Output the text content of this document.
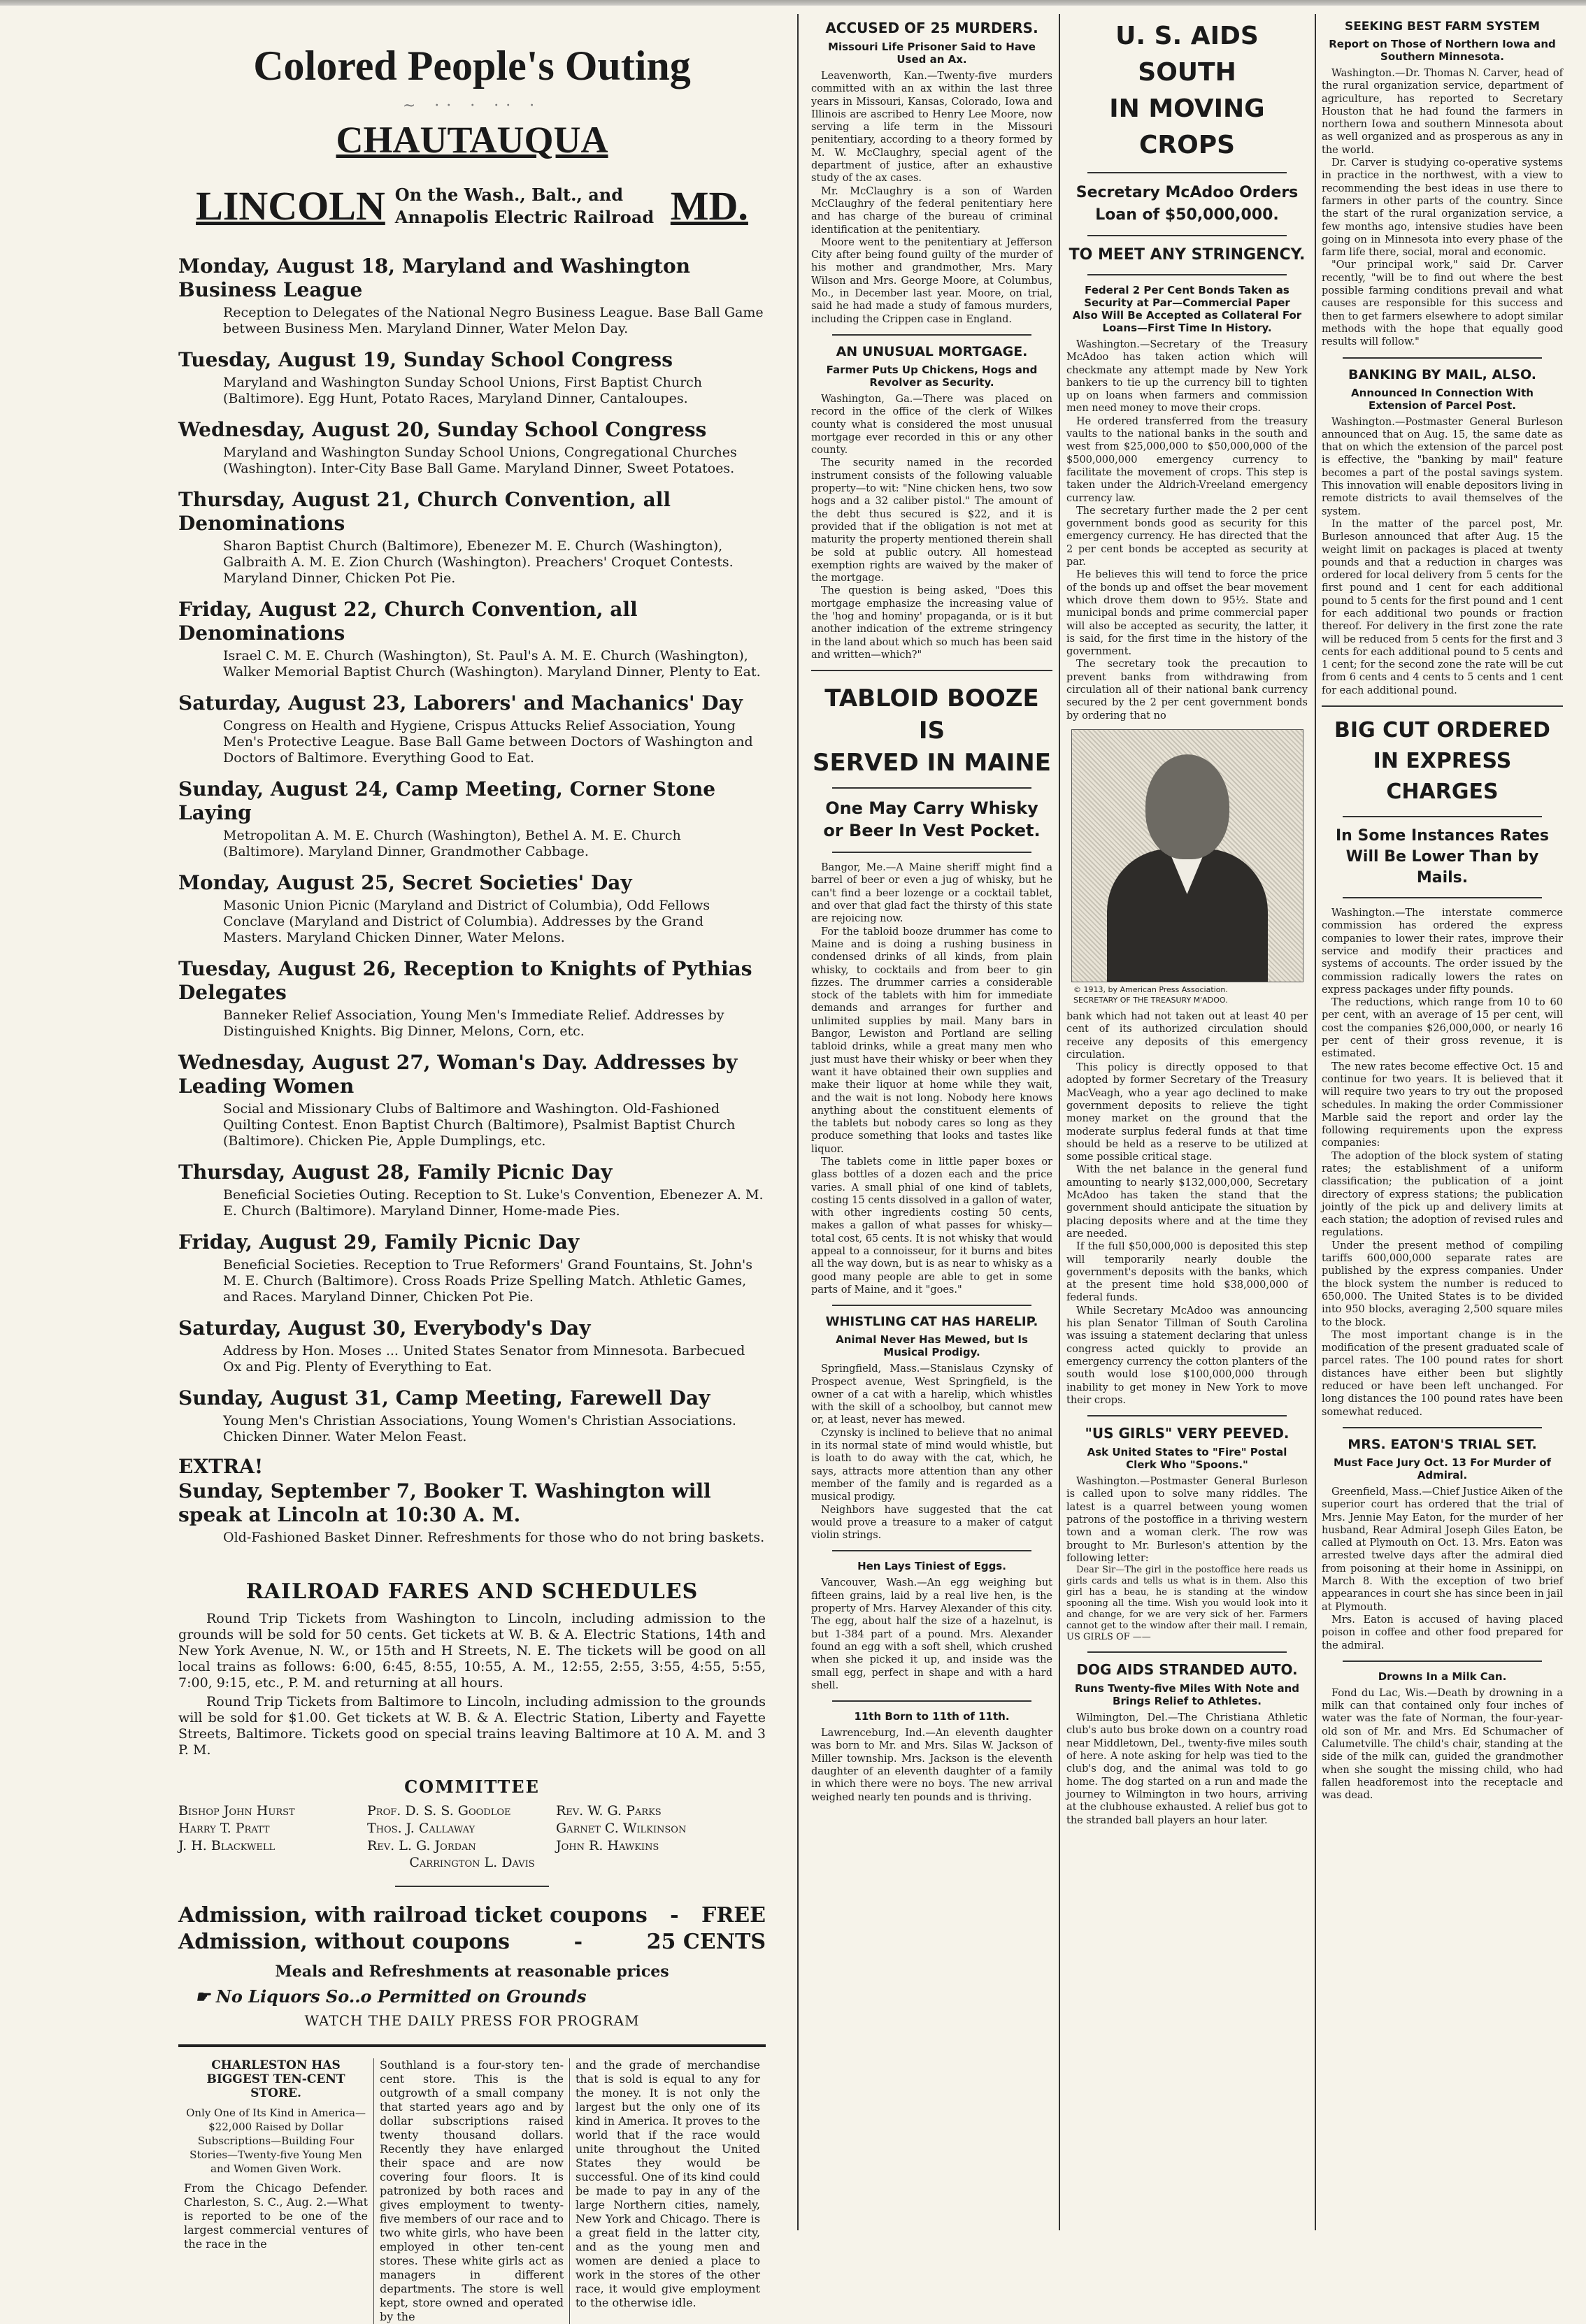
Colored People's Outing
~ ·· · ·· ·
CHAUTAUQUA
LINCOLN On the Wash., Balt., and Annapolis Electric Railroad MD.
Monday, August 18, Maryland and Washington Business League
Reception to Delegates of the National Negro Business League. Base Ball Game between Business Men. Maryland Dinner, Water Melon Day.
Tuesday, August 19, Sunday School Congress
Maryland and Washington Sunday School Unions, First Baptist Church (Baltimore). Egg Hunt, Potato Races, Maryland Dinner, Cantaloupes.
Wednesday, August 20, Sunday School Congress
Maryland and Washington Sunday School Unions, Congregational Churches (Washington). Inter-City Base Ball Game. Maryland Dinner, Sweet Potatoes.
Thursday, August 21, Church Convention, all Denominations
Sharon Baptist Church (Baltimore), Ebenezer M. E. Church (Washington), Galbraith A. M. E. Zion Church (Washington). Preachers' Croquet Contests. Maryland Dinner, Chicken Pot Pie.
Friday, August 22, Church Convention, all Denominations
Israel C. M. E. Church (Washington), St. Paul's A. M. E. Church (Washington), Walker Memorial Baptist Church (Washington). Maryland Dinner, Plenty to Eat.
Saturday, August 23, Laborers' and Machanics' Day
Congress on Health and Hygiene, Crispus Attucks Relief Association, Young Men's Protective League. Base Ball Game between Doctors of Washington and Doctors of Baltimore. Everything Good to Eat.
Sunday, August 24, Camp Meeting, Corner Stone Laying
Metropolitan A. M. E. Church (Washington), Bethel A. M. E. Church (Baltimore). Maryland Dinner, Grandmother Cabbage.
Monday, August 25, Secret Societies' Day
Masonic Union Picnic (Maryland and District of Columbia), Odd Fellows Conclave (Maryland and District of Columbia). Addresses by the Grand Masters. Maryland Chicken Dinner, Water Melons.
Tuesday, August 26, Reception to Knights of Pythias Delegates
Banneker Relief Association, Young Men's Immediate Relief. Addresses by Distinguished Knights. Big Dinner, Melons, Corn, etc.
Wednesday, August 27, Woman's Day. Addresses by Leading Women
Social and Missionary Clubs of Baltimore and Washington. Old-Fashioned Quilting Contest. Enon Baptist Church (Baltimore), Psalmist Baptist Church (Baltimore). Chicken Pie, Apple Dumplings, etc.
Thursday, August 28, Family Picnic Day
Beneficial Societies Outing. Reception to St. Luke's Convention, Ebenezer A. M. E. Church (Baltimore). Maryland Dinner, Home-made Pies.
Friday, August 29, Family Picnic Day
Beneficial Societies. Reception to True Reformers' Grand Fountains, St. John's M. E. Church (Baltimore). Cross Roads Prize Spelling Match. Athletic Games, and Races. Maryland Dinner, Chicken Pot Pie.
Saturday, August 30, Everybody's Day
Address by Hon. Moses ... United States Senator from Minnesota. Barbecued Ox and Pig. Plenty of Everything to Eat.
Sunday, August 31, Camp Meeting, Farewell Day
Young Men's Christian Associations, Young Women's Christian Associations. Chicken Dinner. Water Melon Feast.
EXTRA!
Sunday, September 7, Booker T. Washington will speak at Lincoln at 10:30 A. M.
Old-Fashioned Basket Dinner. Refreshments for those who do not bring baskets.
RAILROAD FARES AND SCHEDULES

Round Trip Tickets from Washington to Lincoln, including admission to the grounds will be sold for 50 cents. Get tickets at W. B. & A. Electric Stations, 14th and New York Avenue, N. W., or 15th and H Streets, N. E. The tickets will be good on all local trains as follows: 6:00, 6:45, 8:55, 10:55, A. M., 12:55, 2:55, 3:55, 4:55, 5:55, 7:00, 9:15, etc., P. M. and returning at all hours.

Round Trip Tickets from Baltimore to Lincoln, including admission to the grounds will be sold for $1.00. Get tickets at W. B. & A. Electric Station, Liberty and Fayette Streets, Baltimore. Tickets good on special trains leaving Baltimore at 10 A. M. and 3 P. M.

COMMITTEE
Bishop John Hurst	Prof. D. S. S. Goodloe	Rev. W. G. Parks
Harry T. Pratt	Thos. J. Callaway	Garnet C. Wilkinson
J. H. Blackwell	Rev. L. G. Jordan	John R. Hawkins
Carrington L. Davis
Admission, with railroad ticket coupons	-	FREE
Admission, without coupons	-	25 CENTS
Meals and Refreshments at reasonable prices
☛ No Liquors So..o Permitted on Grounds
WATCH THE DAILY PRESS FOR PROGRAM
CHARLESTON HAS BIGGEST TEN-CENT STORE.
Only One of Its Kind in America—$22,000 Raised by Dollar Subscriptions—Building Four Stories—Twenty-five Young Men and Women Given Work.
From the Chicago Defender. Charleston, S. C., Aug. 2.—What is reported to be one of the largest commercial ventures of the race in the
Southland is a four-story ten-cent store. This is the outgrowth of a small company that started years ago and by dollar subscriptions raised twenty thousand dollars. Recently they have enlarged their space and are now covering four floors. It is patronized by both races and gives employment to twenty-five members of our race and to two white girls, who have been employed in other ten-cent stores. These white girls act as managers in different departments. The store is well kept, store owned and operated by the
and the grade of merchandise that is sold is equal to any for the money. It is not only the largest but the only one of its kind in America. It proves to the world that if the race would unite throughout the United States they would be successful. One of its kind could be made to pay in any of the large Northern cities, namely, New York and Chicago. There is a great field in the latter city, and as the young men and women are denied a place to work in the stores of the other race, it would give employment to the otherwise idle.
ACCUSED OF 25 MURDERS.
Missouri Life Prisoner Said to Have Used an Ax.

Leavenworth, Kan.—Twenty-five murders committed with an ax within the last three years in Missouri, Kansas, Colorado, Iowa and Illinois are ascribed to Henry Lee Moore, now serving a life term in the Missouri penitentiary, according to a theory formed by M. W. McClaughry, special agent of the department of justice, after an exhaustive study of the ax cases.

Mr. McClaughry is a son of Warden McClaughry of the federal penitentiary here and has charge of the bureau of criminal identification at the penitentiary.

Moore went to the penitentiary at Jefferson City after being found guilty of the murder of his mother and grandmother, Mrs. Mary Wilson and Mrs. George Moore, at Columbus, Mo., in December last year. Moore, on trial, said he had made a study of famous murders, including the Crippen case in England.

AN UNUSUAL MORTGAGE.
Farmer Puts Up Chickens, Hogs and Revolver as Security.

Washington, Ga.—There was placed on record in the office of the clerk of Wilkes county what is considered the most unusual mortgage ever recorded in this or any other county.

The security named in the recorded instrument consists of the following valuable property—to wit: "Nine chicken hens, two sow hogs and a 32 caliber pistol." The amount of the debt thus secured is $22, and it is provided that if the obligation is not met at maturity the property mentioned therein shall be sold at public outcry. All homestead exemption rights are waived by the maker of the mortgage.

The question is being asked, "Does this mortgage emphasize the increasing value of the 'hog and hominy' propaganda, or is it but another indication of the extreme stringency in the land about which so much has been said and written—which?"

TABLOID BOOZE IS
SERVED IN MAINE
One May Carry Whisky or Beer In Vest Pocket.

Bangor, Me.—A Maine sheriff might find a barrel of beer or even a jug of whisky, but he can't find a beer lozenge or a cocktail tablet, and over that glad fact the thirsty of this state are rejoicing now.

For the tabloid booze drummer has come to Maine and is doing a rushing business in condensed drinks of all kinds, from plain whisky, to cocktails and from beer to gin fizzes. The drummer carries a considerable stock of the tablets with him for immediate demands and arranges for further and unlimited supplies by mail. Many bars in Bangor, Lewiston and Portland are selling tabloid drinks, while a great many men who just must have their whisky or beer when they want it have obtained their own supplies and make their liquor at home while they wait, and the wait is not long. Nobody here knows anything about the constituent elements of the tablets but nobody cares so long as they produce something that looks and tastes like liquor.

The tablets come in little paper boxes or glass bottles of a dozen each and the price varies. A small phial of one kind of tablets, costing 15 cents dissolved in a gallon of water, with other ingredients costing 50 cents, makes a gallon of what passes for whisky—total cost, 65 cents. It is not whisky that would appeal to a connoisseur, for it burns and bites all the way down, but is as near to whisky as a good many people are able to get in some parts of Maine, and it "goes."

WHISTLING CAT HAS HARELIP.
Animal Never Has Mewed, but Is Musical Prodigy.

Springfield, Mass.—Stanislaus Czynsky of Prospect avenue, West Springfield, is the owner of a cat with a harelip, which whistles with the skill of a schoolboy, but cannot mew or, at least, never has mewed.

Czynsky is inclined to believe that no animal in its normal state of mind would whistle, but is loath to do away with the cat, which, he says, attracts more attention than any other member of the family and is regarded as a musical prodigy.

Neighbors have suggested that the cat would prove a treasure to a maker of catgut violin strings.

Hen Lays Tiniest of Eggs.

Vancouver, Wash.—An egg weighing but fifteen grains, laid by a real live hen, is the property of Mrs. Harvey Alexander of this city. The egg, about half the size of a hazelnut, is but 1-384 part of a pound. Mrs. Alexander found an egg with a soft shell, which crushed when she picked it up, and inside was the small egg, perfect in shape and with a hard shell.

11th Born to 11th of 11th.

Lawrenceburg, Ind.—An eleventh daughter was born to Mr. and Mrs. Silas W. Jackson of Miller township. Mrs. Jackson is the eleventh daughter of an eleventh daughter of a family in which there were no boys. The new arrival weighed nearly ten pounds and is thriving.

U. S. AIDS SOUTH
IN MOVING CROPS
Secretary McAdoo Orders Loan of $50,000,000.
TO MEET ANY STRINGENCY.
Federal 2 Per Cent Bonds Taken as Security at Par—Commercial Paper Also Will Be Accepted as Collateral For Loans—First Time In History.

Washington.—Secretary of the Treasury McAdoo has taken action which will checkmate any attempt made by New York bankers to tie up the currency bill to tighten up on loans when farmers and commission men need money to move their crops.

He ordered transferred from the treasury vaults to the national banks in the south and west from $25,000,000 to $50,000,000 of the $500,000,000 emergency currency to facilitate the movement of crops. This step is taken under the Aldrich-Vreeland emergency currency law.

The secretary further made the 2 per cent government bonds good as security for this emergency currency. He has directed that the 2 per cent bonds be accepted as security at par.

He believes this will tend to force the price of the bonds up and offset the bear movement which drove them down to 95½. State and municipal bonds and prime commercial paper will also be accepted as security, the latter, it is said, for the first time in the history of the government.

The secretary took the precaution to prevent banks from withdrawing from circulation all of their national bank currency secured by the 2 per cent government bonds by ordering that no

© 1913, by American Press Association.
SECRETARY OF THE TREASURY M'ADOO.

bank which had not taken out at least 40 per cent of its authorized circulation should receive any deposits of this emergency circulation.

This policy is directly opposed to that adopted by former Secretary of the Treasury MacVeagh, who a year ago declined to make government deposits to relieve the tight money market on the ground that the moderate surplus federal funds at that time should be held as a reserve to be utilized at some possible critical stage.

With the net balance in the general fund amounting to nearly $132,000,000, Secretary McAdoo has taken the stand that the government should anticipate the situation by placing deposits where and at the time they are needed.

If the full $50,000,000 is deposited this step will temporarily nearly double the government's deposits with the banks, which at the present time hold $38,000,000 of federal funds.

While Secretary McAdoo was announcing his plan Senator Tillman of South Carolina was issuing a statement declaring that unless congress acted quickly to provide an emergency currency the cotton planters of the south would lose $100,000,000 through inability to get money in New York to move their crops.

"US GIRLS" VERY PEEVED.
Ask United States to "Fire" Postal Clerk Who "Spoons."

Washington.—Postmaster General Burleson is called upon to solve many riddles. The latest is a quarrel between young women patrons of the postoffice in a thriving western town and a woman clerk. The row was brought to Mr. Burleson's attention by the following letter:

Dear Sir—The girl in the postoffice here reads us girls cards and tells us what is in them. Also this girl has a beau, he is standing at the window spooning all the time. Wish you would look into it and change, for we are very sick of her. Farmers cannot get to the window after their mail. I remain, US GIRLS OF ——

DOG AIDS STRANDED AUTO.
Runs Twenty-five Miles With Note and Brings Relief to Athletes.

Wilmington, Del.—The Christiana Athletic club's auto bus broke down on a country road near Middletown, Del., twenty-five miles south of here. A note asking for help was tied to the club's dog, and the animal was told to go home. The dog started on a run and made the journey to Wilmington in two hours, arriving at the clubhouse exhausted. A relief bus got to the stranded ball players an hour later.

SEEKING BEST FARM SYSTEM
Report on Those of Northern Iowa and Southern Minnesota.

Washington.—Dr. Thomas N. Carver, head of the rural organization service, department of agriculture, has reported to Secretary Houston that he had found the farmers in northern Iowa and southern Minnesota about as well organized and as prosperous as any in the world.

Dr. Carver is studying co-operative systems in practice in the northwest, with a view to recommending the best ideas in use there to farmers in other parts of the country. Since the start of the rural organization service, a few months ago, intensive studies have been going on in Minnesota into every phase of the farm life there, social, moral and economic.

"Our principal work," said Dr. Carver recently, "will be to find out where the best possible farming conditions prevail and what causes are responsible for this success and then to get farmers elsewhere to adopt similar methods with the hope that equally good results will follow."

BANKING BY MAIL, ALSO.
Announced In Connection With Extension of Parcel Post.

Washington.—Postmaster General Burleson announced that on Aug. 15, the same date as that on which the extension of the parcel post is effective, the "banking by mail" feature becomes a part of the postal savings system. This innovation will enable depositors living in remote districts to avail themselves of the system.

In the matter of the parcel post, Mr. Burleson announced that after Aug. 15 the weight limit on packages is placed at twenty pounds and that a reduction in charges was ordered for local delivery from 5 cents for the first pound and 1 cent for each additional pound to 5 cents for the first pound and 1 cent for each additional two pounds or fraction thereof. For delivery in the first zone the rate will be reduced from 5 cents for the first and 3 cents for each additional pound to 5 cents and 1 cent; for the second zone the rate will be cut from 6 cents and 4 cents to 5 cents and 1 cent for each additional pound.

BIG CUT ORDERED
IN EXPRESS CHARGES
In Some Instances Rates Will Be Lower Than by Mails.

Washington.—The interstate commerce commission has ordered the express companies to lower their rates, improve their service and modify their practices and systems of accounts. The order issued by the commission radically lowers the rates on express packages under fifty pounds.

The reductions, which range from 10 to 60 per cent, with an average of 15 per cent, will cost the companies $26,000,000, or nearly 16 per cent of their gross revenue, it is estimated.

The new rates become effective Oct. 15 and continue for two years. It is believed that it will require two years to try out the proposed schedules. In making the order Commissioner Marble said the report and order lay the following requirements upon the express companies:

The adoption of the block system of stating rates; the establishment of a uniform classification; the publication of a joint directory of express stations; the publication jointly of the pick up and delivery limits at each station; the adoption of revised rules and regulations.

Under the present method of compiling tariffs 600,000,000 separate rates are published by the express companies. Under the block system the number is reduced to 650,000. The United States is to be divided into 950 blocks, averaging 2,500 square miles to the block.

The most important change is in the modification of the present graduated scale of parcel rates. The 100 pound rates for short distances have either been but slightly reduced or have been left unchanged. For long distances the 100 pound rates have been somewhat reduced.

MRS. EATON'S TRIAL SET.
Must Face Jury Oct. 13 For Murder of Admiral.

Greenfield, Mass.—Chief Justice Aiken of the superior court has ordered that the trial of Mrs. Jennie May Eaton, for the murder of her husband, Rear Admiral Joseph Giles Eaton, be called at Plymouth on Oct. 13. Mrs. Eaton was arrested twelve days after the admiral died from poisoning at their home in Assinippi, on March 8. With the exception of two brief appearances in court she has since been in jail at Plymouth.

Mrs. Eaton is accused of having placed poison in coffee and other food prepared for the admiral.

Drowns In a Milk Can.

Fond du Lac, Wis.—Death by drowning in a milk can that contained only four inches of water was the fate of Norman, the four-year-old son of Mr. and Mrs. Ed Schumacher of Calumetville. The child's chair, standing at the side of the milk can, guided the grandmother when she sought the missing child, who had fallen headforemost into the receptacle and was dead.
